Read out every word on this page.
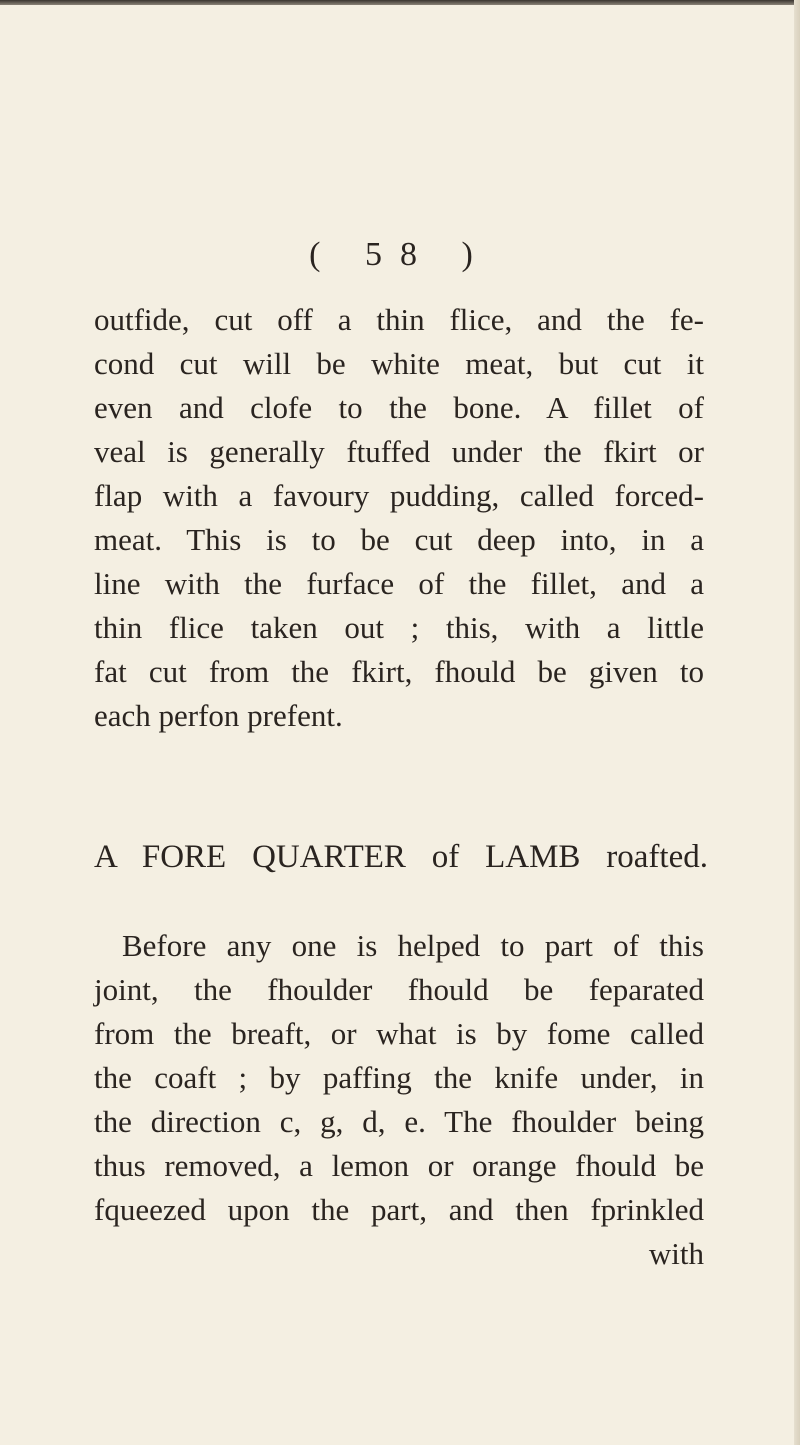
( 58 )
outfide, cut off a thin flice, and the fe-
cond cut will be white meat, but cut it
even and clofe to the bone. A fillet of
veal is generally ftuffed under the fkirt or
flap with a favoury pudding, called forced-
meat. This is to be cut deep into, in a
line with the furface of the fillet, and a
thin flice taken out ; this, with a little
fat cut from the fkirt, fhould be given to
each perfon prefent.
A FORE QUARTER of LAMB roafted.
Before any one is helped to part of this
joint, the fhoulder fhould be feparated
from the breaft, or what is by fome called
the coaft ; by paffing the knife under, in
the direction c, g, d, e. The fhoulder being
thus removed, a lemon or orange fhould be
fqueezed upon the part, and then fprinkled
with
